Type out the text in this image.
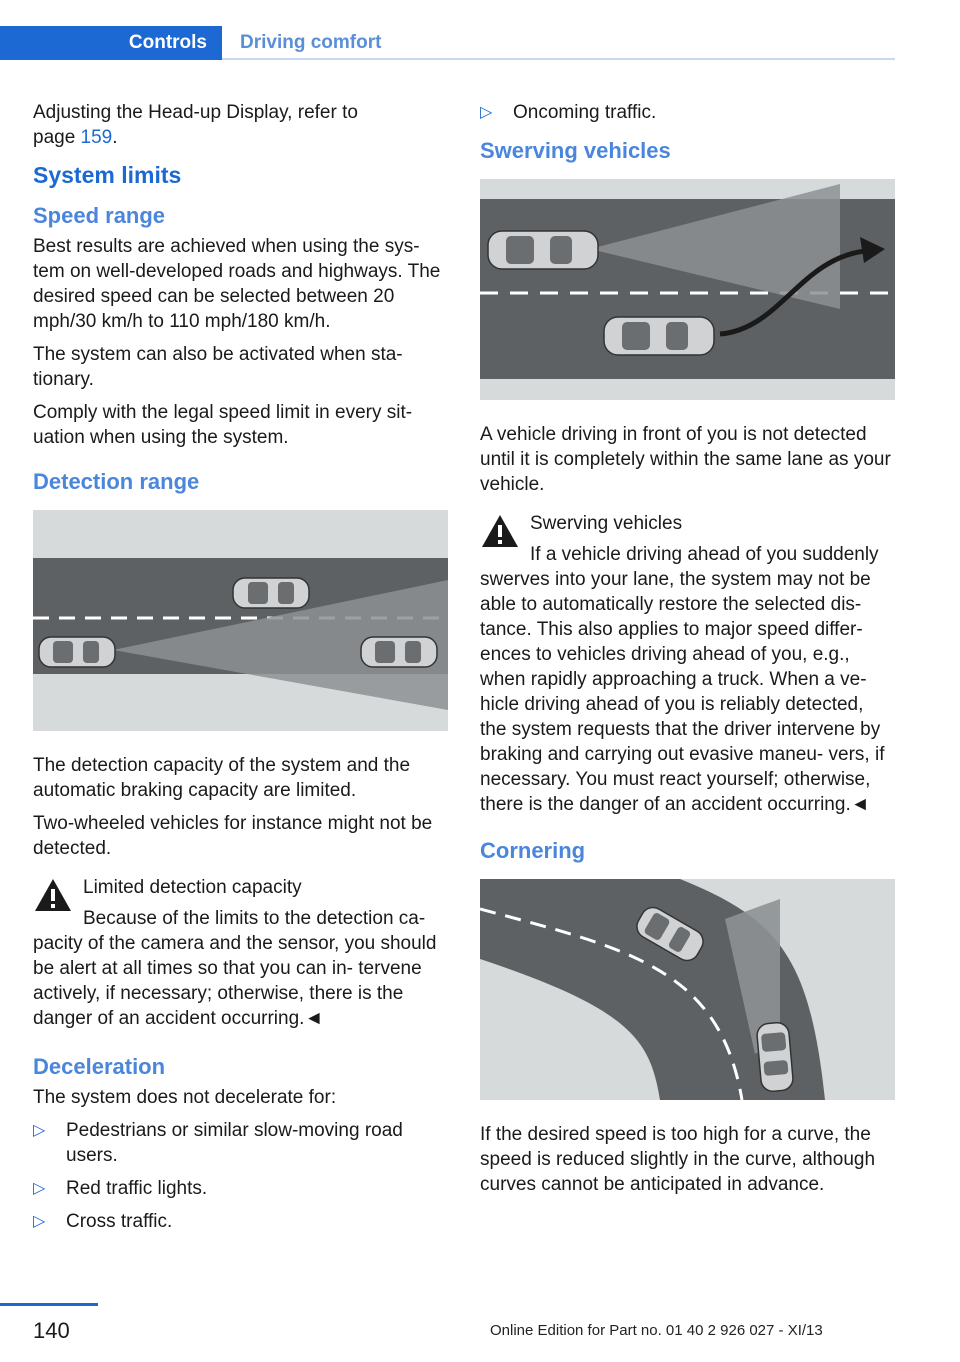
Controls	Driving comfort

Adjusting the Head-up Display, refer to
page 159.

System limits
Speed range

Best results are achieved when using the sys‐ tem on well-developed roads and highways. The desired speed can be selected between 20 mph/30 km/h to 110 mph/180 km/h.

The system can also be activated when sta‐ tionary.

Comply with the legal speed limit in every sit‐ uation when using the system.

Detection range

The detection capacity of the system and the automatic braking capacity are limited.

Two-wheeled vehicles for instance might not be detected.

Limited detection capacity

Because of the limits to the detection ca‐ pacity of the camera and the sensor, you should be alert at all times so that you can in‐ tervene actively, if necessary; otherwise, there is the danger of an accident occurring.◄

Deceleration

The system does not decelerate for:

▷	Pedestrians or similar slow-moving road users.
▷	Red traffic lights.
▷	Cross traffic.
▷	Oncoming traffic.
Swerving vehicles

A vehicle driving in front of you is not detected until it is completely within the same lane as your vehicle.

Swerving vehicles

If a vehicle driving ahead of you suddenly swerves into your lane, the system may not be able to automatically restore the selected dis‐ tance. This also applies to major speed differ‐ ences to vehicles driving ahead of you, e.g., when rapidly approaching a truck. When a ve‐ hicle driving ahead of you is reliably detected, the system requests that the driver intervene by braking and carrying out evasive maneu‐ vers, if necessary. You must react yourself; otherwise, there is the danger of an accident occurring.◄

Cornering

If the desired speed is too high for a curve, the speed is reduced slightly in the curve, although curves cannot be anticipated in advance.

140	Online Edition for Part no. 01 40 2 926 027 - XI/13
